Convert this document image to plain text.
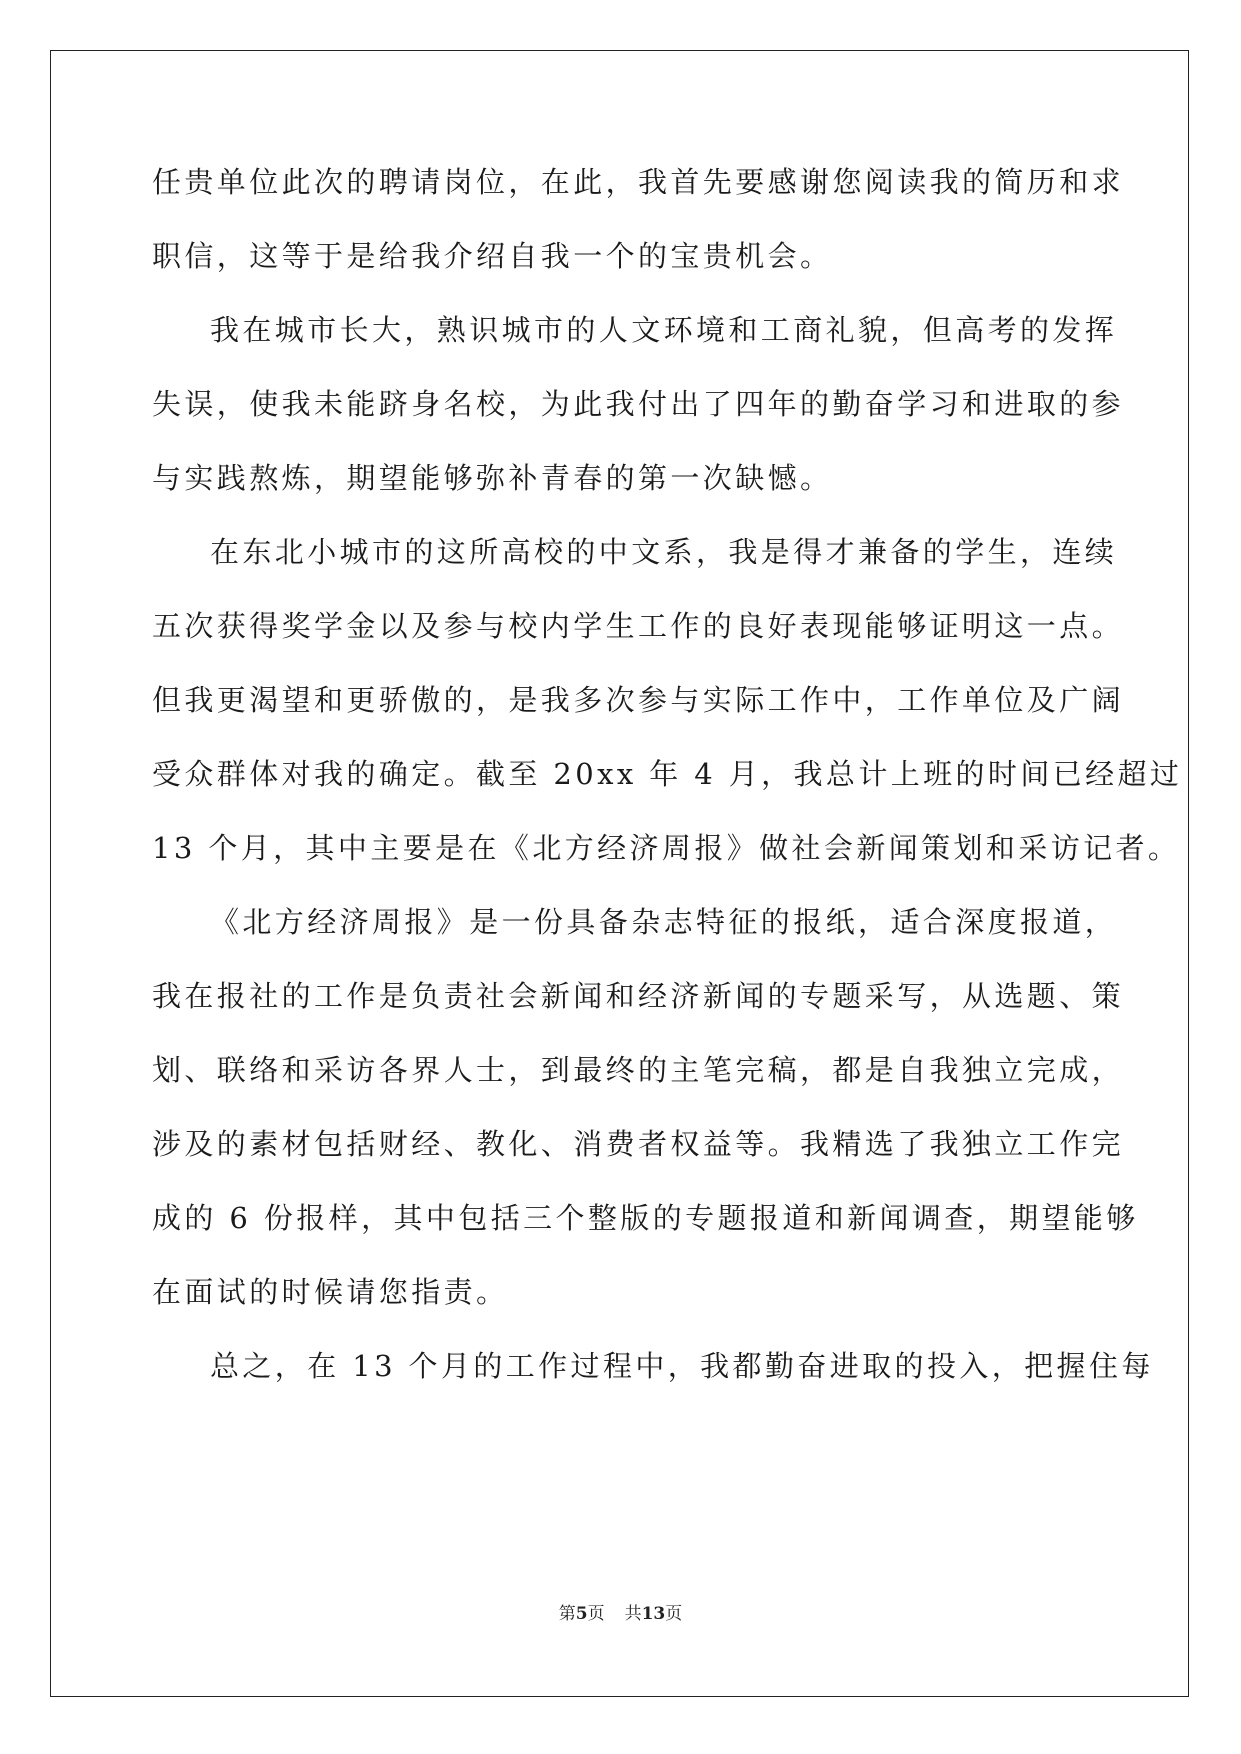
任贵单位此次的聘请岗位，在此，我首先要感谢您阅读我的简历和求

职信，这等于是给我介绍自我一个的宝贵机会。

我在城市长大，熟识城市的人文环境和工商礼貌，但高考的发挥

失误，使我未能跻身名校，为此我付出了四年的勤奋学习和进取的参

与实践熬炼，期望能够弥补青春的第一次缺憾。

在东北小城市的这所高校的中文系，我是得才兼备的学生，连续

五次获得奖学金以及参与校内学生工作的良好表现能够证明这一点。

但我更渴望和更骄傲的，是我多次参与实际工作中，工作单位及广阔

受众群体对我的确定。截至 20xx 年 4 月，我总计上班的时间已经超过

13 个月，其中主要是在《北方经济周报》做社会新闻策划和采访记者。

《北方经济周报》是一份具备杂志特征的报纸，适合深度报道，

我在报社的工作是负责社会新闻和经济新闻的专题采写，从选题、策

划、联络和采访各界人士，到最终的主笔完稿，都是自我独立完成，

涉及的素材包括财经、教化、消费者权益等。我精选了我独立工作完

成的 6 份报样，其中包括三个整版的专题报道和新闻调查，期望能够

在面试的时候请您指责。

总之，在 13 个月的工作过程中，我都勤奋进取的投入，把握住每

第5页 共13页
